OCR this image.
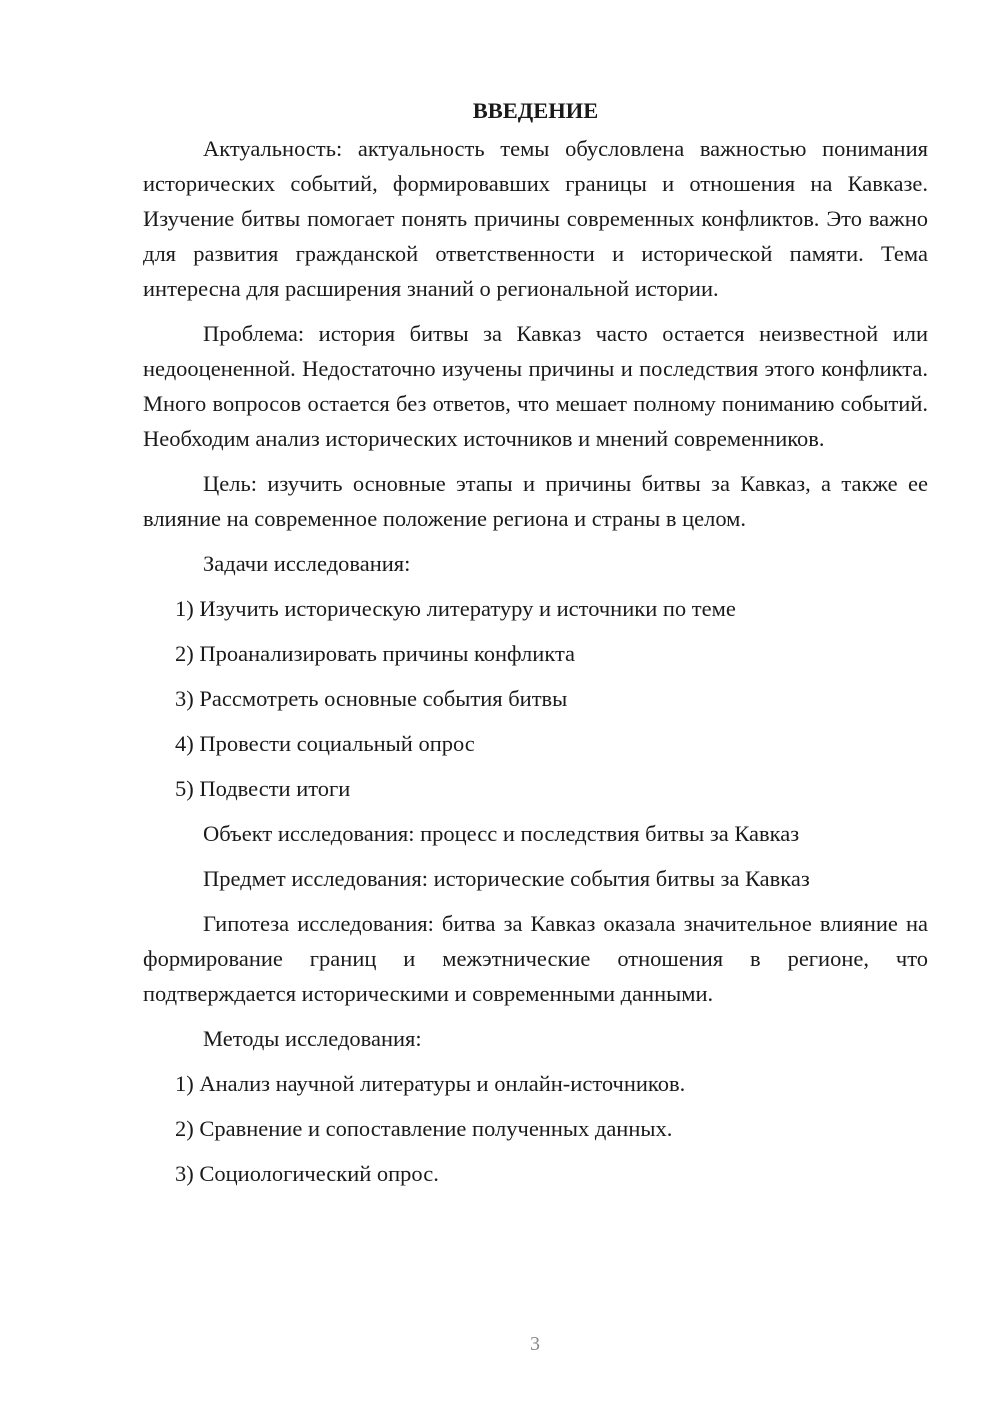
ВВЕДЕНИЕ

Актуальность: актуальность темы обусловлена важностью понимания исторических событий, формировавших границы и отношения на Кавказе. Изучение битвы помогает понять причины современных конфликтов. Это важно для развития гражданской ответственности и исторической памяти. Тема интересна для расширения знаний о региональной истории.

Проблема: история битвы за Кавказ часто остается неизвестной или недооцененной. Недостаточно изучены причины и последствия этого конфликта. Много вопросов остается без ответов, что мешает полному пониманию событий. Необходим анализ исторических источников и мнений современников.

Цель: изучить основные этапы и причины битвы за Кавказ, а также ее влияние на современное положение региона и страны в целом.

Задачи исследования:

1) Изучить историческую литературу и источники по теме
2) Проанализировать причины конфликта
3) Рассмотреть основные события битвы
4) Провести социальный опрос
5) Подвести итоги

Объект исследования: процесс и последствия битвы за Кавказ

Предмет исследования: исторические события битвы за Кавказ

Гипотеза исследования: битва за Кавказ оказала значительное влияние на формирование границ и межэтнические отношения в регионе, что подтверждается историческими и современными данными.

Методы исследования:

1) Анализ научной литературы и онлайн-источников.
2) Сравнение и сопоставление полученных данных.
3) Социологический опрос.
3
